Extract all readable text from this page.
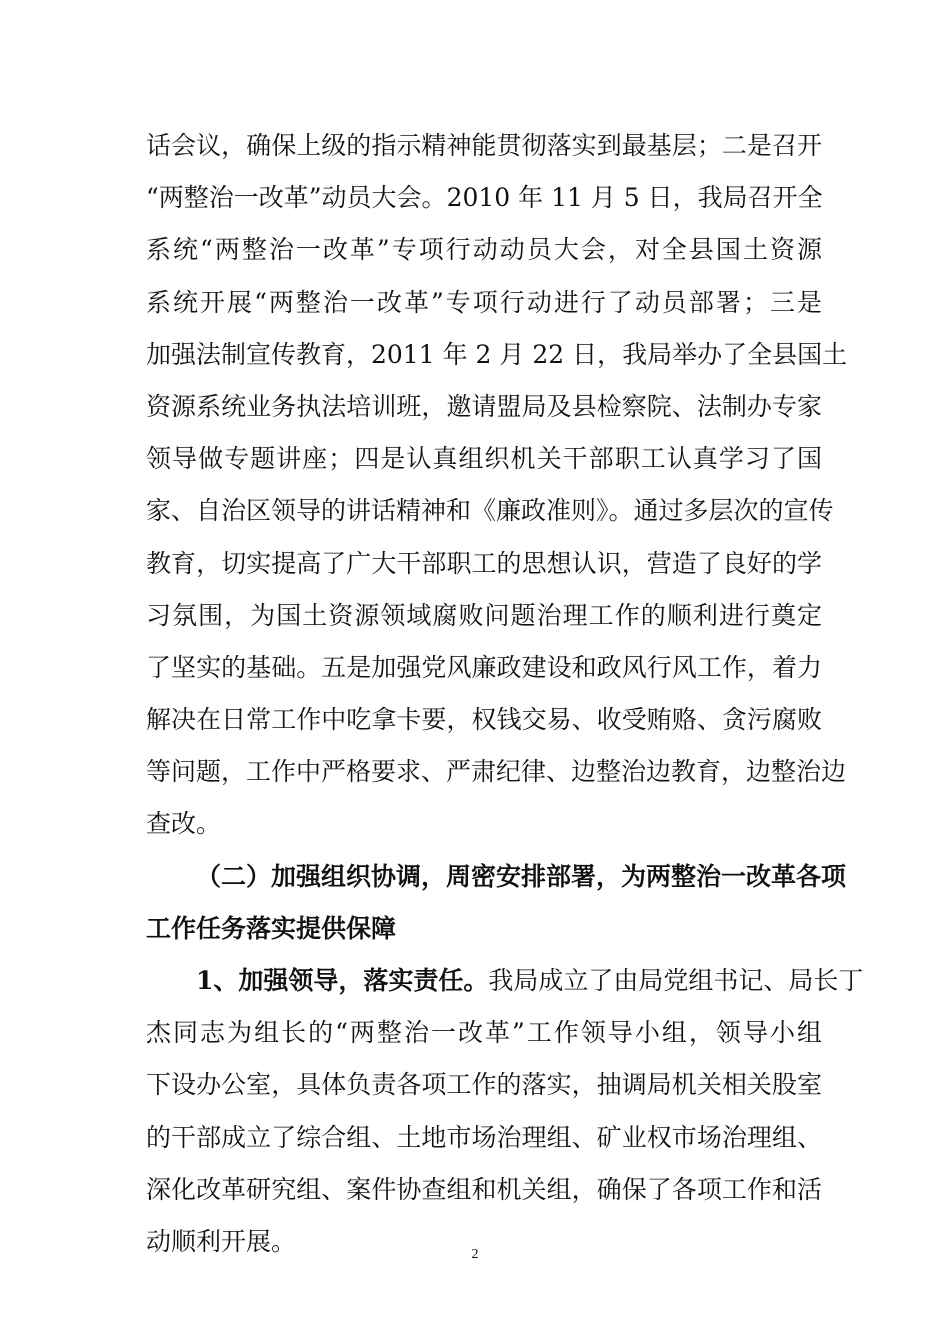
话会议，确保上级的指示精神能贯彻落实到最基层；二是召开
“两整治一改革”动员大会。2010 年 11 月 5 日，我局召开全
系统“两整治一改革”专项行动动员大会，对全县国土资源
系统开展“两整治一改革”专项行动进行了动员部署；三是
加强法制宣传教育，2011 年 2 月 22 日，我局举办了全县国土
资源系统业务执法培训班，邀请盟局及县检察院、法制办专家
领导做专题讲座；四是认真组织机关干部职工认真学习了国
家、自治区领导的讲话精神和《廉政准则》。通过多层次的宣传
教育，切实提高了广大干部职工的思想认识，营造了良好的学
习氛围，为国土资源领域腐败问题治理工作的顺利进行奠定
了坚实的基础。五是加强党风廉政建设和政风行风工作，着力
解决在日常工作中吃拿卡要，权钱交易、收受贿赂、贪污腐败
等问题，工作中严格要求、严肃纪律、边整治边教育，边整治边
查改。
（二）加强组织协调，周密安排部署，为两整治一改革各项
工作任务落实提供保障
1、加强领导，落实责任。我局成立了由局党组书记、局长丁
杰同志为组长的“两整治一改革”工作领导小组，领导小组
下设办公室，具体负责各项工作的落实，抽调局机关相关股室
的干部成立了综合组、土地市场治理组、矿业权市场治理组、
深化改革研究组、案件协查组和机关组，确保了各项工作和活
动顺利开展。	2
